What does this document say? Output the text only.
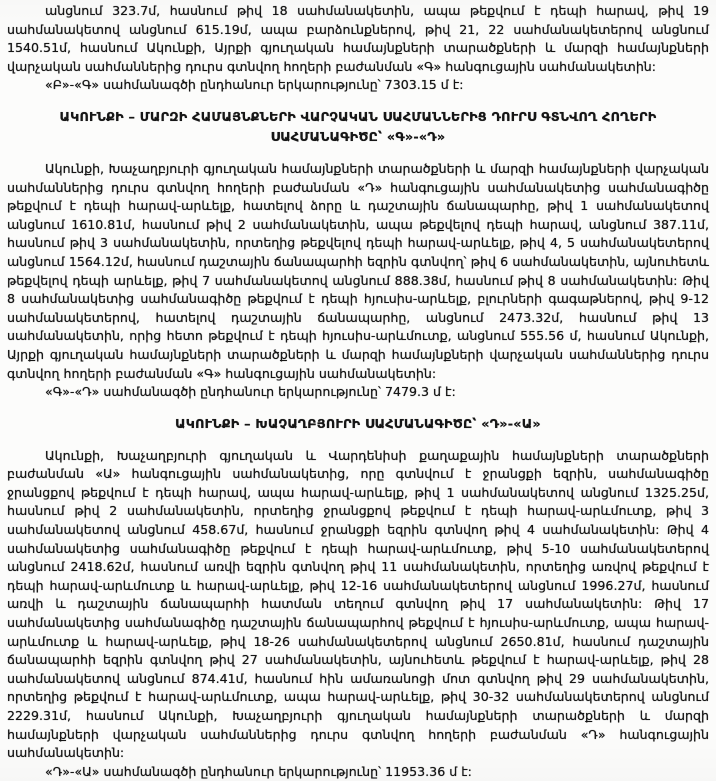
անցնում 323.7մ, հասնում թիվ 18 սահմանակետին, ապա թեքվում է դեպի հարավ, թիվ 19 սահմանակետով անցնում 615.19մ, ապա բարձունքներով, թիվ 21, 22 սահմանակետերով անցնում 1540.51մ, հասնում Ակունքի, Այրքի գյուղական համայնքների տարածքների և մարզի համայնքների վարչական սահմաններից դուրս գտնվող հողերի բաժանման «Գ» հանգուցային սահմանակետին:

«Բ»-«Գ» սահմանագծի ընդհանուր երկարությունը՝ 7303.15 մ է:

ԱԿՈՒՆՔԻ – ՄԱՐԶԻ ՀԱՄԱՅՆՔՆԵՐԻ ՎԱՐՉԱԿԱՆ ՍԱՀՄԱՆՆԵՐԻՑ ԴՈՒՐՍ ԳՏՆՎՈՂ ՀՈՂԵՐԻ ՍԱՀՄԱՆԱԳԻԾԸ՝ «Գ»-«Դ»

Ակունքի, Խաչաղբյուրի գյուղական համայնքների տարածքների և մարզի համայնքների վարչական սահմաններից դուրս գտնվող հողերի բաժանման «Դ» հանգուցային սահմանակետից սահմանագիծը թեքվում է դեպի հարավ-արևելք, հատելով ձորը և դաշտային ճանապարհը, թիվ 1 սահմանակետով անցնում 1610.81մ, հասնում թիվ 2 սահմանակետին, ապա թեքվելով դեպի հարավ, անցնում 387.11մ, հասնում թիվ 3 սահմանակետին, որտեղից թեքվելով դեպի հարավ-արևելք, թիվ 4, 5 սահմանակետերով անցնում 1564.12մ, հասնում դաշտային ճանապարհի եզրին գտնվող՝ թիվ 6 սահմանակետին, այնուհետև թեքվելով դեպի արևելք, թիվ 7 սահմանակետով անցնում 888.38մ, հասնում թիվ 8 սահմանակետին: Թիվ 8 սահմանակետից սահմանագիծը թեքվում է դեպի հյուսիս-արևելք, բլուրների գագաթներով, թիվ 9-12 սահմանակետերով, հատելով դաշտային ճանապարհը, անցնում 2473.32մ, հասնում թիվ 13 սահմանակետին, որից հետո թեքվում է դեպի հյուսիս-արևմուտք, անցնում 555.56 մ, հասնում Ակունքի, Այրքի գյուղական համայնքների տարածքների և մարզի համայնքների վարչական սահմաններից դուրս գտնվող հողերի բաժանման «Գ» հանգուցային սահմանակետին:

«Գ»-«Դ» սահմանագծի ընդհանուր երկարությունը՝ 7479.3 մ է:

ԱԿՈՒՆՔԻ – ԽԱՉԱՂԲՅՈՒՐԻ ՍԱՀՄԱՆԱԳԻԾԸ՝ «Դ»-«Ա»

Ակունքի, Խաչաղբյուրի գյուղական և Վարդենիսի քաղաքային համայնքների տարածքների բաժանման «Ա» հանգուցային սահմանակետից, որը գտնվում է ջրանցքի եզրին, սահմանագիծը ջրանցքով թեքվում է դեպի հարավ, ապա հարավ-արևելք, թիվ 1 սահմանակետով անցնում 1325.25մ, հասնում թիվ 2 սահմանակետին, որտեղից ջրանցքով թեքվում է դեպի հարավ-արևմուտք, թիվ 3 սահմանակետով անցնում 458.67մ, հասնում ջրանցքի եզրին գտնվող թիվ 4 սահմանակետին: Թիվ 4 սահմանակետից սահմանագիծը թեքվում է դեպի հարավ-արևմուտք, թիվ 5-10 սահմանակետերով անցնում 2418.62մ, հասնում առվի եզրին գտնվող թիվ 11 սահմանակետին, որտեղից առվով թեքվում է դեպի հարավ-արևմուտք և հարավ-արևելք, թիվ 12-16 սահմանակետերով անցնում 1996.27մ, հասնում առվի և դաշտային ճանապարհի հատման տեղում գտնվող թիվ 17 սահմանակետին: Թիվ 17 սահմանակետից սահմանագիծը դաշտային ճանապարհով թեքվում է հյուսիս-արևմուտք, ապա հարավ-արևմուտք և հարավ-արևելք, թիվ 18-26 սահմանակետերով անցնում 2650.81մ, հասնում դաշտային ճանապարհի եզրին գտնվող թիվ 27 սահմանակետին, այնուհետև թեքվում է հարավ-արևելք, թիվ 28 սահմանակետով անցնում 874.41մ, հասնում հին ամառանոցի մոտ գտնվող թիվ 29 սահմանակետին, որտեղից թեքվում է հարավ-արևմուտք, ապա հարավ-արևելք, թիվ 30-32 սահմանակետերով անցնում 2229.31մ, հասնում Ակունքի, Խաչաղբյուրի գյուղական համայնքների տարածքների և մարզի համայնքների վարչական սահմաններից դուրս գտնվող հողերի բաժանման «Դ» հանգուցային սահմանակետին:

«Դ»-«Ա» սահմանագծի ընդհանուր երկարությունը՝ 11953.36 մ է:
